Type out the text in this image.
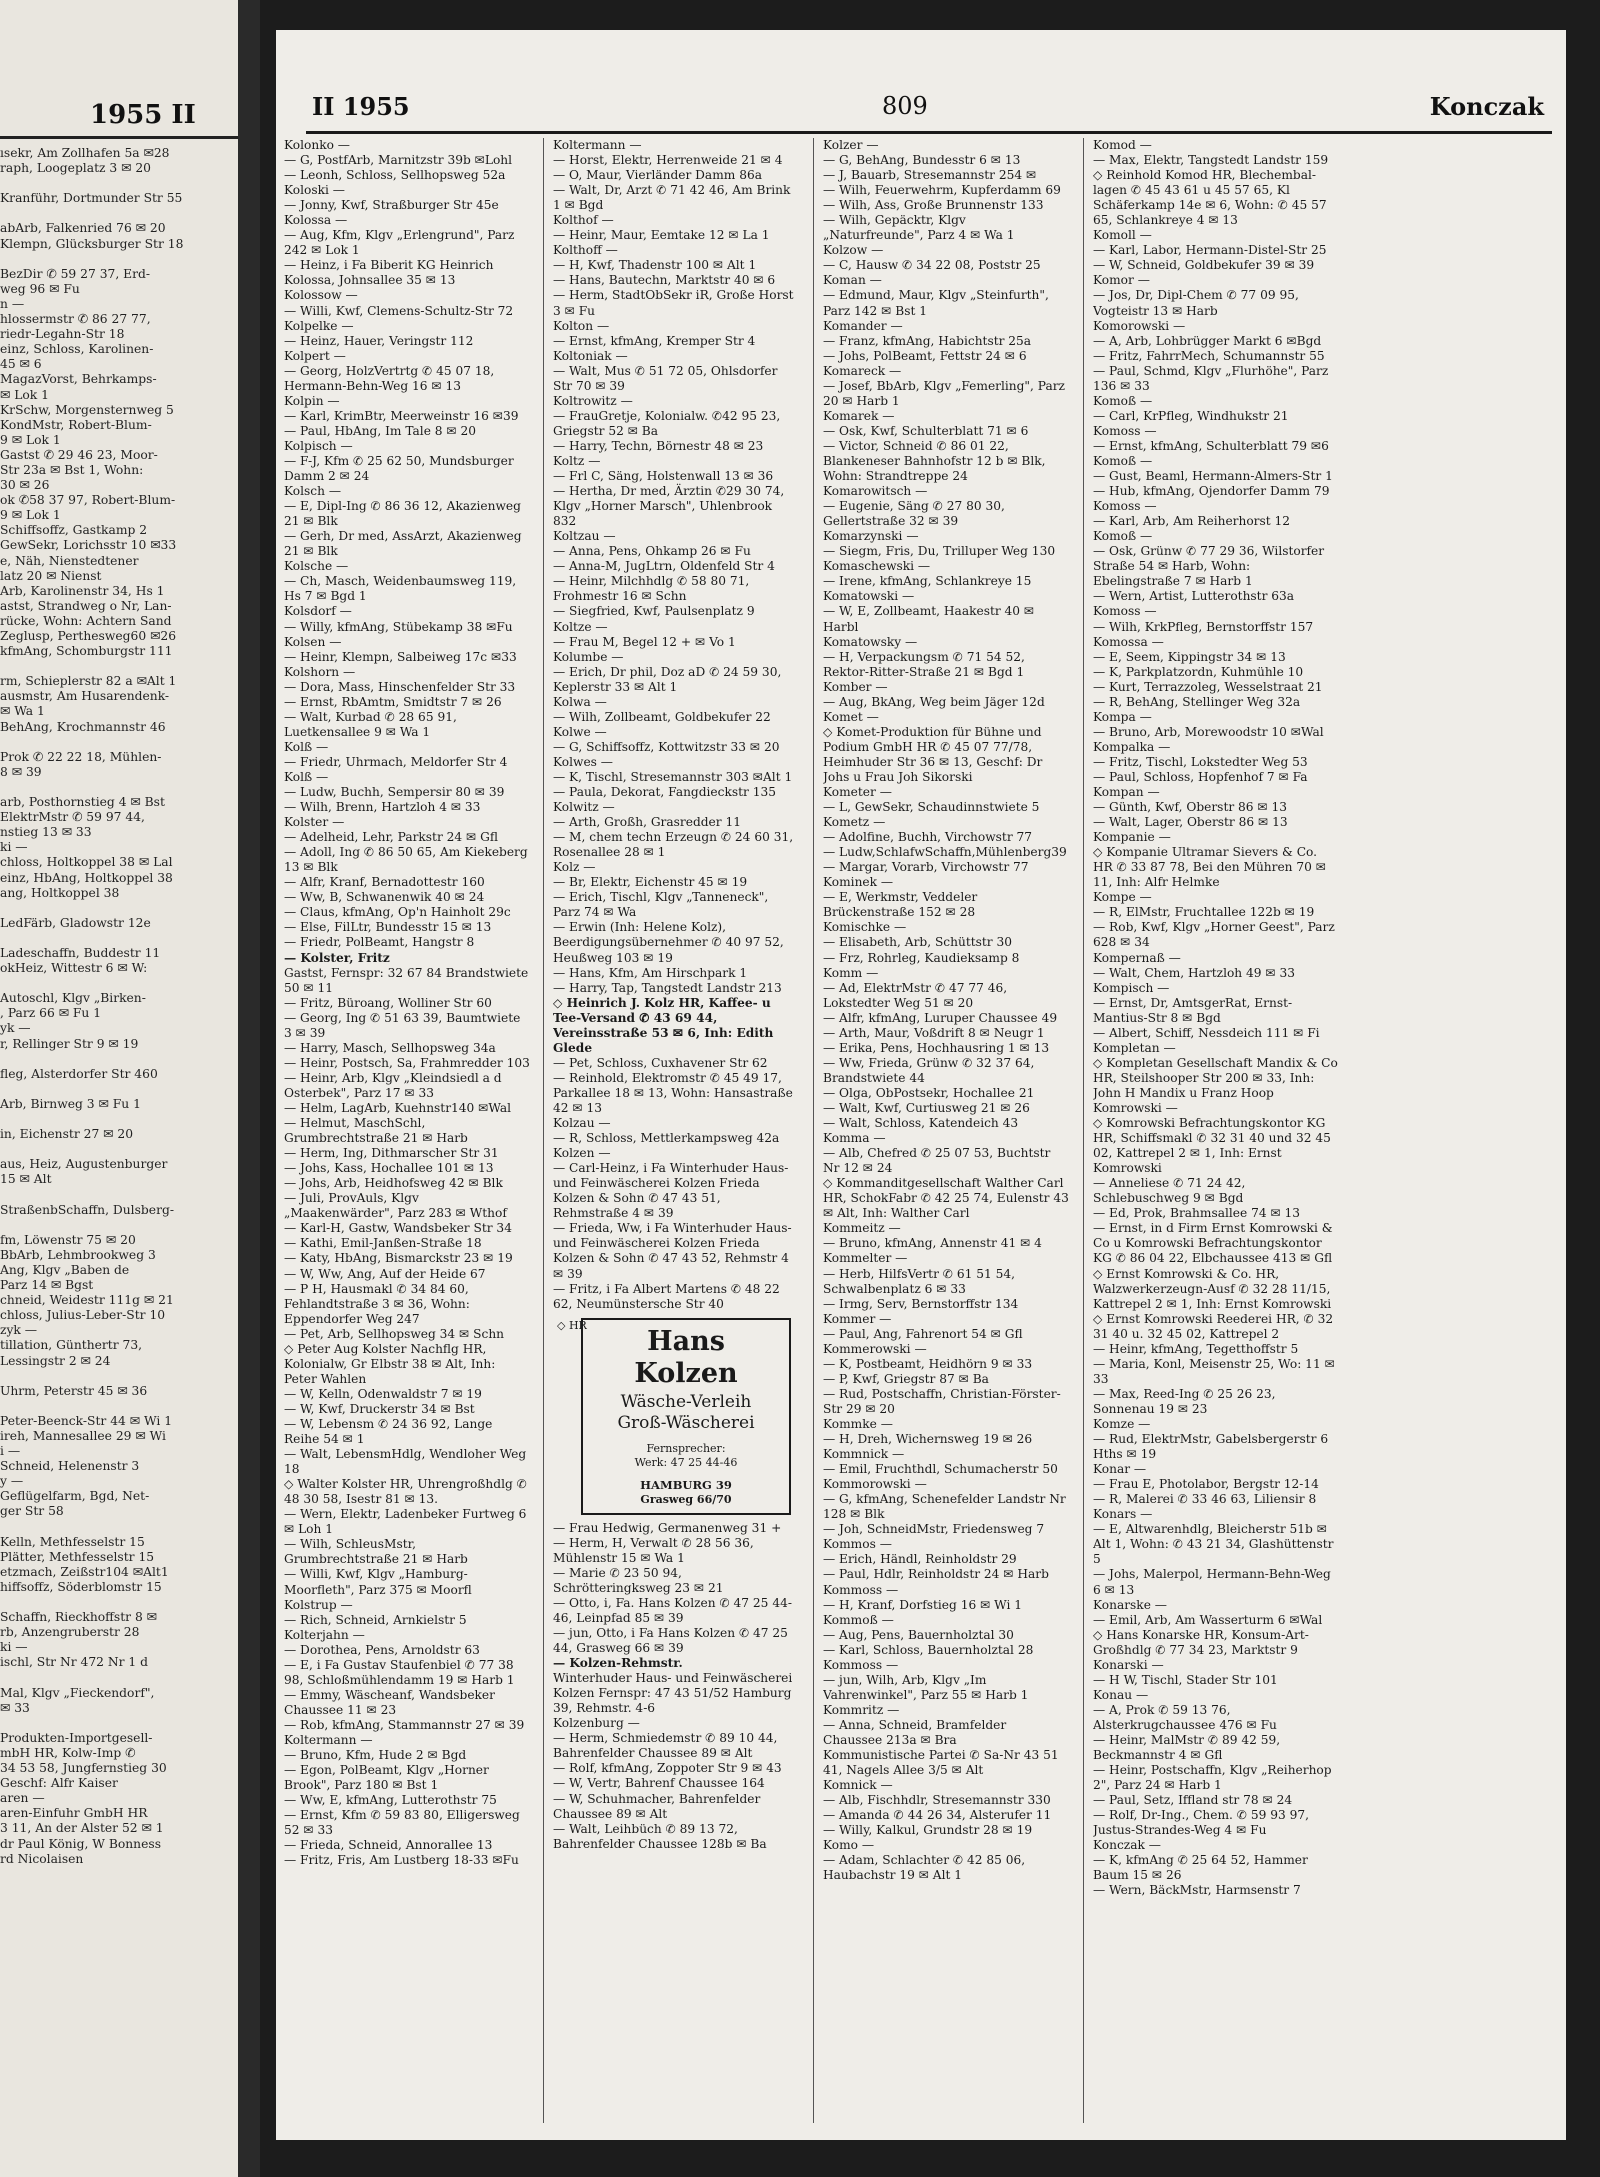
1955 II
ısekr, Am Zollhafen 5a ✉28
raph, Loogeplatz 3 ✉ 20

Kranführ, Dortmunder Str 55

abArb, Falkenried 76 ✉ 20
Klempn, Glücksburger Str 18

BezDir ✆ 59 27 37, Erd-
weg 96 ✉ Fu
n —
hlossermstr ✆ 86 27 77,
riedr-Legahn-Str 18
einz, Schloss, Karolinen-
45 ✉ 6
MagazVorst, Behrkamps-
✉ Lok 1
KrSchw, Morgensternweg 5
KondMstr, Robert-Blum-
9 ✉ Lok 1
Gastst ✆ 29 46 23, Moor-
Str 23a ✉ Bst 1, Wohn:
30 ✉ 26
ok ✆58 37 97, Robert-Blum-
9 ✉ Lok 1
Schiffsoffz, Gastkamp 2
GewSekr, Lorichsstr 10 ✉33
e, Näh, Nienstedtener
latz 20 ✉ Nienst
Arb, Karolinenstr 34, Hs 1
astst, Strandweg o Nr, Lan-
rücke, Wohn: Achtern Sand
Zeglusp, Perthesweg60 ✉26
kfmAng, Schomburgstr 111

rm, Schieplerstr 82 a ✉Alt 1
ausmstr, Am Husarendenk-
✉ Wa 1
BehAng, Krochmannstr 46

Prok ✆ 22 22 18, Mühlen-
8 ✉ 39

arb, Posthornstieg 4 ✉ Bst
ElektrMstr ✆ 59 97 44,
nstieg 13 ✉ 33
ki —
chloss, Holtkoppel 38 ✉ Lal
einz, HbAng, Holtkoppel 38
ang, Holtkoppel 38

LedFärb, Gladowstr 12e

Ladeschaffn, Buddestr 11
okHeiz, Wittestr 6 ✉ W:

Autoschl, Klgv „Birken-
, Parz 66 ✉ Fu 1
yk —
r, Rellinger Str 9 ✉ 19

fleg, Alsterdorfer Str 460

Arb, Birnweg 3 ✉ Fu 1

in, Eichenstr 27 ✉ 20

aus, Heiz, Augustenburger
15 ✉ Alt

StraßenbSchaffn, Dulsberg-

fm, Löwenstr 75 ✉ 20
BbArb, Lehmbrookweg 3
Ang, Klgv „Baben de
Parz 14 ✉ Bgst
chneid, Weidestr 111g ✉ 21
chloss, Julius-Leber-Str 10
zyk —
tillation, Günthertr 73,
Lessingstr 2 ✉ 24

Uhrm, Peterstr 45 ✉ 36

Peter-Beenck-Str 44 ✉ Wi 1
ireh, Mannesallee 29 ✉ Wi
i —
Schneid, Helenenstr 3
y —
Geflügelfarm, Bgd, Net-
ger Str 58

Kelln, Methfesselstr 15
Plätter, Methfesselstr 15
etzmach, Zeißstr104 ✉Alt1
hiffsoffz, Söderblomstr 15

Schaffn, Rieckhoffstr 8 ✉
rb, Anzengruberstr 28
ki —
ischl, Str Nr 472 Nr 1 d

Mal, Klgv „Fieckendorf",
✉ 33

Produkten-Importgesell-
mbH HR, Kolw-Imp ✆
34 53 58, Jungfernstieg 30
Geschf: Alfr Kaiser
aren —
aren-Einfuhr GmbH HR
3 11, An der Alster 52 ✉ 1
dr Paul König, W Bonness
rd Nicolaisen
II 1955	809	Konczak
Kolonko —
— G, PostfArb, Marnitzstr 39b ✉Lohl
— Leonh, Schloss, Sellhopsweg 52a
Koloski —
— Jonny, Kwf, Straßburger Str 45e
Kolossa —
— Aug, Kfm, Klgv „Erlengrund", Parz 242 ✉ Lok 1
— Heinz, i Fa Biberit KG Heinrich Kolossa, Johnsallee 35 ✉ 13
Kolossow —
— Willi, Kwf, Clemens-Schultz-Str 72
Kolpelke —
— Heinz, Hauer, Veringstr 112
Kolpert —
— Georg, HolzVertrtg ✆ 45 07 18, Hermann-Behn-Weg 16 ✉ 13
Kolpin —
— Karl, KrimBtr, Meerweinstr 16 ✉39
— Paul, HbAng, Im Tale 8 ✉ 20
Kolpisch —
— F-J, Kfm ✆ 25 62 50, Mundsburger Damm 2 ✉ 24
Kolsch —
— E, Dipl-Ing ✆ 86 36 12, Akazienweg 21 ✉ Blk
— Gerh, Dr med, AssArzt, Akazienweg 21 ✉ Blk
Kolsche —
— Ch, Masch, Weidenbaumsweg 119, Hs 7 ✉ Bgd 1
Kolsdorf —
— Willy, kfmAng, Stübekamp 38 ✉Fu
Kolsen —
— Heinr, Klempn, Salbeiweg 17c ✉33
Kolshorn —
— Dora, Mass, Hinschenfelder Str 33
— Ernst, RbAmtm, Smidtstr 7 ✉ 26
— Walt, Kurbad ✆ 28 65 91, Luetkensallee 9 ✉ Wa 1
Kolß —
— Friedr, Uhrmach, Meldorfer Str 4
Kolß —
— Ludw, Buchh, Sempersir 80 ✉ 39
— Wilh, Brenn, Hartzloh 4 ✉ 33
Kolster —
— Adelheid, Lehr, Parkstr 24 ✉ Gfl
— Adoll, Ing ✆ 86 50 65, Am Kiekeberg 13 ✉ Blk
— Alfr, Kranf, Bernadottestr 160
— Ww, B, Schwanenwik 40 ✉ 24
— Claus, kfmAng, Op'n Hainholt 29c
— Else, FilLtr, Bundesstr 15 ✉ 13
— Friedr, PolBeamt, Hangstr 8
— Kolster, Fritz
Gastst, Fernspr: 32 67 84 Brandstwiete 50 ✉ 11
— Fritz, Büroang, Wolliner Str 60
— Georg, Ing ✆ 51 63 39, Baumtwiete 3 ✉ 39
— Harry, Masch, Sellhopsweg 34a
— Heinr, Postsch, Sa, Frahmredder 103
— Heinr, Arb, Klgv „Kleindsiedl a d Osterbek", Parz 17 ✉ 33
— Helm, LagArb, Kuehnstr140 ✉Wal
— Helmut, MaschSchl, Grumbrechtstraße 21 ✉ Harb
— Herm, Ing, Dithmarscher Str 31
— Johs, Kass, Hochallee 101 ✉ 13
— Johs, Arb, Heidhofsweg 42 ✉ Blk
— Juli, ProvAuls, Klgv „Maakenwärder", Parz 283 ✉ Wthof
— Karl-H, Gastw, Wandsbeker Str 34
— Kathi, Emil-Janßen-Straße 18
— Katy, HbAng, Bismarckstr 23 ✉ 19
— W, Ww, Ang, Auf der Heide 67
— P H, Hausmakl ✆ 34 84 60, Fehlandtstraße 3 ✉ 36, Wohn: Eppendorfer Weg 247
— Pet, Arb, Sellhopsweg 34 ✉ Schn
◇ Peter Aug Kolster Nachflg HR, Kolonialw, Gr Elbstr 38 ✉ Alt, Inh: Peter Wahlen
— W, Kelln, Odenwaldstr 7 ✉ 19
— W, Kwf, Druckerstr 34 ✉ Bst
— W, Lebensm ✆ 24 36 92, Lange Reihe 54 ✉ 1
— Walt, LebensmHdlg, Wendloher Weg 18
◇ Walter Kolster HR, Uhrengroßhdlg ✆ 48 30 58, Isestr 81 ✉ 13.
— Wern, Elektr, Ladenbeker Furtweg 6 ✉ Loh 1
— Wilh, SchleusMstr, Grumbrechtstraße 21 ✉ Harb
— Willi, Kwf, Klgv „Hamburg-Moorfleth", Parz 375 ✉ Moorfl
Kolstrup —
— Rich, Schneid, Arnkielstr 5
Kolterjahn —
— Dorothea, Pens, Arnoldstr 63
— E, i Fa Gustav Staufenbiel ✆ 77 38 98, Schloßmühlendamm 19 ✉ Harb 1
— Emmy, Wäscheanf, Wandsbeker Chaussee 11 ✉ 23
— Rob, kfmAng, Stammannstr 27 ✉ 39
Koltermann —
— Bruno, Kfm, Hude 2 ✉ Bgd
— Egon, PolBeamt, Klgv „Horner Brook", Parz 180 ✉ Bst 1
— Ww, E, kfmAng, Lutterothstr 75
— Ernst, Kfm ✆ 59 83 80, Elligersweg 52 ✉ 33
— Frieda, Schneid, Annorallee 13
— Fritz, Fris, Am Lustberg 18-33 ✉Fu
Koltermann —
— Horst, Elektr, Herrenweide 21 ✉ 4
— O, Maur, Vierländer Damm 86a
— Walt, Dr, Arzt ✆ 71 42 46, Am Brink 1 ✉ Bgd
Kolthof —
— Heinr, Maur, Eemtake 12 ✉ La 1
Kolthoff —
— H, Kwf, Thadenstr 100 ✉ Alt 1
— Hans, Bautechn, Marktstr 40 ✉ 6
— Herm, StadtObSekr iR, Große Horst 3 ✉ Fu
Kolton —
— Ernst, kfmAng, Kremper Str 4
Koltoniak —
— Walt, Mus ✆ 51 72 05, Ohlsdorfer Str 70 ✉ 39
Koltrowitz —
— FrauGretje, Kolonialw. ✆42 95 23, Griegstr 52 ✉ Ba
— Harry, Techn, Börnestr 48 ✉ 23
Koltz —
— Frl C, Säng, Holstenwall 13 ✉ 36
— Hertha, Dr med, Ärztin ✆29 30 74, Klgv „Horner Marsch", Uhlenbrook 832
Koltzau —
— Anna, Pens, Ohkamp 26 ✉ Fu
— Anna-M, JugLtrn, Oldenfeld Str 4
— Heinr, Milchhdlg ✆ 58 80 71, Frohmestr 16 ✉ Schn
— Siegfried, Kwf, Paulsenplatz 9
Koltze —
— Frau M, Begel 12 + ✉ Vo 1
Kolumbe —
— Erich, Dr phil, Doz aD ✆ 24 59 30, Keplerstr 33 ✉ Alt 1
Kolwa —
— Wilh, Zollbeamt, Goldbekufer 22
Kolwe —
— G, Schiffsoffz, Kottwitzstr 33 ✉ 20
Kolwes —
— K, Tischl, Stresemannstr 303 ✉Alt 1
— Paula, Dekorat, Fangdieckstr 135
Kolwitz —
— Arth, Großh, Grasredder 11
— M, chem techn Erzeugn ✆ 24 60 31, Rosenallee 28 ✉ 1
Kolz —
— Br, Elektr, Eichenstr 45 ✉ 19
— Erich, Tischl, Klgv „Tanneneck", Parz 74 ✉ Wa
— Erwin (Inh: Helene Kolz), Beerdigungsübernehmer ✆ 40 97 52, Heußweg 103 ✉ 19
— Hans, Kfm, Am Hirschpark 1
— Harry, Tap, Tangstedt Landstr 213
◇ Heinrich J. Kolz HR, Kaffee- u Tee-Versand ✆ 43 69 44, Vereinsstraße 53 ✉ 6, Inh: Edith Glede
— Pet, Schloss, Cuxhavener Str 62
— Reinhold, Elektromstr ✆ 45 49 17, Parkallee 18 ✉ 13, Wohn: Hansastraße 42 ✉ 13
Kolzau —
— R, Schloss, Mettlerkampsweg 42a
Kolzen —
— Carl-Heinz, i Fa Winterhuder Haus- und Feinwäscherei Kolzen Frieda Kolzen & Sohn ✆ 47 43 51, Rehmstraße 4 ✉ 39
— Frieda, Ww, i Fa Winterhuder Haus- und Feinwäscherei Kolzen Frieda Kolzen & Sohn ✆ 47 43 52, Rehmstr 4 ✉ 39
— Fritz, i Fa Albert Martens ✆ 48 22 62, Neumünstersche Str 40
◇ HR
Hans Kolzen
Wäsche-Verleih
Groß-Wäscherei
Fernsprecher:
Werk: 47 25 44-46
HAMBURG 39
Grasweg 66/70
— Frau Hedwig, Germanenweg 31 +
— Herm, H, Verwalt ✆ 28 56 36, Mühlenstr 15 ✉ Wa 1
— Marie ✆ 23 50 94, Schrötteringksweg 23 ✉ 21
— Otto, i, Fa. Hans Kolzen ✆ 47 25 44-46, Leinpfad 85 ✉ 39
— jun, Otto, i Fa Hans Kolzen ✆ 47 25 44, Grasweg 66 ✉ 39
— Kolzen-Rehmstr.
Winterhuder Haus- und Feinwäscherei Kolzen Fernspr: 47 43 51/52 Hamburg 39, Rehmstr. 4-6
Kolzenburg —
— Herm, Schmiedemstr ✆ 89 10 44, Bahrenfelder Chaussee 89 ✉ Alt
— Rolf, kfmAng, Zoppoter Str 9 ✉ 43
— W, Vertr, Bahrenf Chaussee 164
— W, Schuhmacher, Bahrenfelder Chaussee 89 ✉ Alt
— Walt, Leihbüch ✆ 89 13 72, Bahrenfelder Chaussee 128b ✉ Ba
Kolzer —
— G, BehAng, Bundesstr 6 ✉ 13
— J, Bauarb, Stresemannstr 254 ✉
— Wilh, Feuerwehrm, Kupferdamm 69
— Wilh, Ass, Große Brunnenstr 133
— Wilh, Gepäcktr, Klgv „Naturfreunde", Parz 4 ✉ Wa 1
Kolzow —
— C, Hausw ✆ 34 22 08, Poststr 25
Koman —
— Edmund, Maur, Klgv „Steinfurth", Parz 142 ✉ Bst 1
Komander —
— Franz, kfmAng, Habichtstr 25a
— Johs, PolBeamt, Fettstr 24 ✉ 6
Komareck —
— Josef, BbArb, Klgv „Femerling", Parz 20 ✉ Harb 1
Komarek —
— Osk, Kwf, Schulterblatt 71 ✉ 6
— Victor, Schneid ✆ 86 01 22, Blankeneser Bahnhofstr 12 b ✉ Blk, Wohn: Strandtreppe 24
Komarowitsch —
— Eugenie, Säng ✆ 27 80 30, Gellertstraße 32 ✉ 39
Komarzynski —
— Siegm, Fris, Du, Trilluper Weg 130
Komaschewski —
— Irene, kfmAng, Schlankreye 15
Komatowski —
— W, E, Zollbeamt, Haakestr 40 ✉Harbl
Komatowsky —
— H, Verpackungsm ✆ 71 54 52, Rektor-Ritter-Straße 21 ✉ Bgd 1
Komber —
— Aug, BkAng, Weg beim Jäger 12d
Komet —
◇ Komet-Produktion für Bühne und Podium GmbH HR ✆ 45 07 77/78, Heimhuder Str 36 ✉ 13, Geschf: Dr Johs u Frau Joh Sikorski
Kometer —
— L, GewSekr, Schaudinnstwiete 5
Kometz —
— Adolfine, Buchh, Virchowstr 77
— Ludw,SchlafwSchaffn,Mühlenberg39
— Margar, Vorarb, Virchowstr 77
Kominek —
— E, Werkmstr, Veddeler Brückenstraße 152 ✉ 28
Komischke —
— Elisabeth, Arb, Schüttstr 30
— Frz, Rohrleg, Kaudieksamp 8
Komm —
— Ad, ElektrMstr ✆ 47 77 46, Lokstedter Weg 51 ✉ 20
— Alfr, kfmAng, Luruper Chaussee 49
— Arth, Maur, Voßdrift 8 ✉ Neugr 1
— Erika, Pens, Hochhausring 1 ✉ 13
— Ww, Frieda, Grünw ✆ 32 37 64, Brandstwiete 44
— Olga, ObPostsekr, Hochallee 21
— Walt, Kwf, Curtiusweg 21 ✉ 26
— Walt, Schloss, Katendeich 43
Komma —
— Alb, Chefred ✆ 25 07 53, Buchtstr Nr 12 ✉ 24
◇ Kommanditgesellschaft Walther Carl HR, SchokFabr ✆ 42 25 74, Eulenstr 43 ✉ Alt, Inh: Walther Carl
Kommeitz —
— Bruno, kfmAng, Annenstr 41 ✉ 4
Kommelter —
— Herb, HilfsVertr ✆ 61 51 54, Schwalbenplatz 6 ✉ 33
— Irmg, Serv, Bernstorffstr 134
Kommer —
— Paul, Ang, Fahrenort 54 ✉ Gfl
Kommerowski —
— K, Postbeamt, Heidhörn 9 ✉ 33
— P, Kwf, Griegstr 87 ✉ Ba
— Rud, Postschaffn, Christian-Förster-Str 29 ✉ 20
Kommke —
— H, Dreh, Wichernsweg 19 ✉ 26
Kommnick —
— Emil, Fruchthdl, Schumacherstr 50
Kommorowski —
— G, kfmAng, Schenefelder Landstr Nr 128 ✉ Blk
— Joh, SchneidMstr, Friedensweg 7
Kommos —
— Erich, Händl, Reinholdstr 29
— Paul, Hdlr, Reinholdstr 24 ✉ Harb
Kommoss —
— H, Kranf, Dorfstieg 16 ✉ Wi 1
Kommoß —
— Aug, Pens, Bauernholztal 30
— Karl, Schloss, Bauernholztal 28
Kommoss —
— jun, Wilh, Arb, Klgv „Im Vahrenwinkel", Parz 55 ✉ Harb 1
Kommritz —
— Anna, Schneid, Bramfelder Chaussee 213a ✉ Bra
Kommunistische Partei ✆ Sa-Nr 43 51 41, Nagels Allee 3/5 ✉ Alt
Komnick —
— Alb, Fischhdlr, Stresemannstr 330
— Amanda ✆ 44 26 34, Alsterufer 11
— Willy, Kalkul, Grundstr 28 ✉ 19
Komo —
— Adam, Schlachter ✆ 42 85 06, Haubachstr 19 ✉ Alt 1
Komod —
— Max, Elektr, Tangstedt Landstr 159
◇ Reinhold Komod HR, Blechembal-lagen ✆ 45 43 61 u 45 57 65, Kl Schäferkamp 14e ✉ 6, Wohn: ✆ 45 57 65, Schlankreye 4 ✉ 13
Komoll —
— Karl, Labor, Hermann-Distel-Str 25
— W, Schneid, Goldbekufer 39 ✉ 39
Komor —
— Jos, Dr, Dipl-Chem ✆ 77 09 95, Vogteistr 13 ✉ Harb
Komorowski —
— A, Arb, Lohbrügger Markt 6 ✉Bgd
— Fritz, FahrrMech, Schumannstr 55
— Paul, Schmd, Klgv „Flurhöhe", Parz 136 ✉ 33
Komoß —
— Carl, KrPfleg, Windhukstr 21
Komoss —
— Ernst, kfmAng, Schulterblatt 79 ✉6
Komoß —
— Gust, Beaml, Hermann-Almers-Str 1
— Hub, kfmAng, Ojendorfer Damm 79
Komoss —
— Karl, Arb, Am Reiherhorst 12
Komoß —
— Osk, Grünw ✆ 77 29 36, Wilstorfer Straße 54 ✉ Harb, Wohn: Ebelingstraße 7 ✉ Harb 1
— Wern, Artist, Lutterothstr 63a
Komoss —
— Wilh, KrkPfleg, Bernstorffstr 157
Komossa —
— E, Seem, Kippingstr 34 ✉ 13
— K, Parkplatzordn, Kuhmühle 10
— Kurt, Terrazzoleg, Wesselstraat 21
— R, BehAng, Stellinger Weg 32a
Kompa —
— Bruno, Arb, Morewoodstr 10 ✉Wal
Kompalka —
— Fritz, Tischl, Lokstedter Weg 53
— Paul, Schloss, Hopfenhof 7 ✉ Fa
Kompan —
— Günth, Kwf, Oberstr 86 ✉ 13
— Walt, Lager, Oberstr 86 ✉ 13
Kompanie —
◇ Kompanie Ultramar Sievers & Co. HR ✆ 33 87 78, Bei den Mühren 70 ✉ 11, Inh: Alfr Helmke
Kompe —
— R, ElMstr, Fruchtallee 122b ✉ 19
— Rob, Kwf, Klgv „Horner Geest", Parz 628 ✉ 34
Kompernaß —
— Walt, Chem, Hartzloh 49 ✉ 33
Kompisch —
— Ernst, Dr, AmtsgerRat, Ernst-Mantius-Str 8 ✉ Bgd
— Albert, Schiff, Nessdeich 111 ✉ Fi
Kompletan —
◇ Kompletan Gesellschaft Mandix & Co HR, Steilshooper Str 200 ✉ 33, Inh: John H Mandix u Franz Hoop
Komrowski —
◇ Komrowski Befrachtungskontor KG HR, Schiffsmakl ✆ 32 31 40 und 32 45 02, Kattrepel 2 ✉ 1, Inh: Ernst Komrowski
— Anneliese ✆ 71 24 42, Schlebuschweg 9 ✉ Bgd
— Ed, Prok, Brahmsallee 74 ✉ 13
— Ernst, in d Firm Ernst Komrowski & Co u Komrowski Befrachtungskontor KG ✆ 86 04 22, Elbchaussee 413 ✉ Gfl
◇ Ernst Komrowski & Co. HR, Walzwerkerzeugn-Ausf ✆ 32 28 11/15, Kattrepel 2 ✉ 1, Inh: Ernst Komrowski
◇ Ernst Komrowski Reederei HR, ✆ 32 31 40 u. 32 45 02, Kattrepel 2
— Heinr, kfmAng, Tegetthoffstr 5
— Maria, Konl, Meisenstr 25, Wo: 11 ✉ 33
— Max, Reed-Ing ✆ 25 26 23, Sonnenau 19 ✉ 23
Komze —
— Rud, ElektrMstr, Gabelsbergerstr 6 Hths ✉ 19
Konar —
— Frau E, Photolabor, Bergstr 12-14
— R, Malerei ✆ 33 46 63, Liliensir 8
Konars —
— E, Altwarenhdlg, Bleicherstr 51b ✉ Alt 1, Wohn: ✆ 43 21 34, Glashüttenstr 5
— Johs, Malerpol, Hermann-Behn-Weg 6 ✉ 13
Konarske —
— Emil, Arb, Am Wasserturm 6 ✉Wal
◇ Hans Konarske HR, Konsum-Art-Großhdlg ✆ 77 34 23, Marktstr 9
Konarski —
— H W, Tischl, Stader Str 101
Konau —
— A, Prok ✆ 59 13 76, Alsterkrugchaussee 476 ✉ Fu
— Heinr, MalMstr ✆ 89 42 59, Beckmannstr 4 ✉ Gfl
— Heinr, Postschaffn, Klgv „Reiherhop 2", Parz 24 ✉ Harb 1
— Paul, Setz, Iffland str 78 ✉ 24
— Rolf, Dr-Ing., Chem. ✆ 59 93 97, Justus-Strandes-Weg 4 ✉ Fu
Konczak —
— K, kfmAng ✆ 25 64 52, Hammer Baum 15 ✉ 26
— Wern, BäckMstr, Harmsenstr 7
